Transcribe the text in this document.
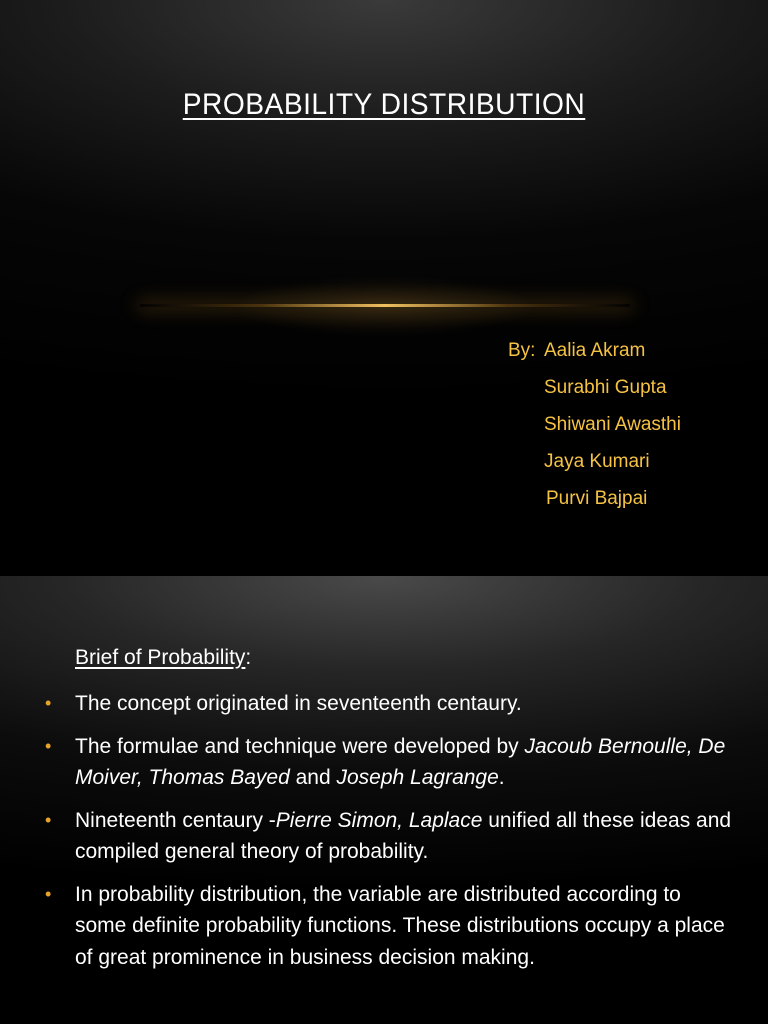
PROBABILITY DISTRIBUTION
By: Aalia Akram
Surabhi Gupta
Shiwani Awasthi
Jaya Kumari
Purvi Bajpai
Brief of Probability:
• The concept originated in seventeenth centaury.
• The formulae and technique were developed by Jacoub Bernoulle, De Moiver, Thomas Bayed and Joseph Lagrange.
• Nineteenth centaury -Pierre Simon, Laplace unified all these ideas and compiled general theory of probability.
• In probability distribution, the variable are distributed according to some definite probability functions. These distributions occupy a place of great prominence in business decision making.
